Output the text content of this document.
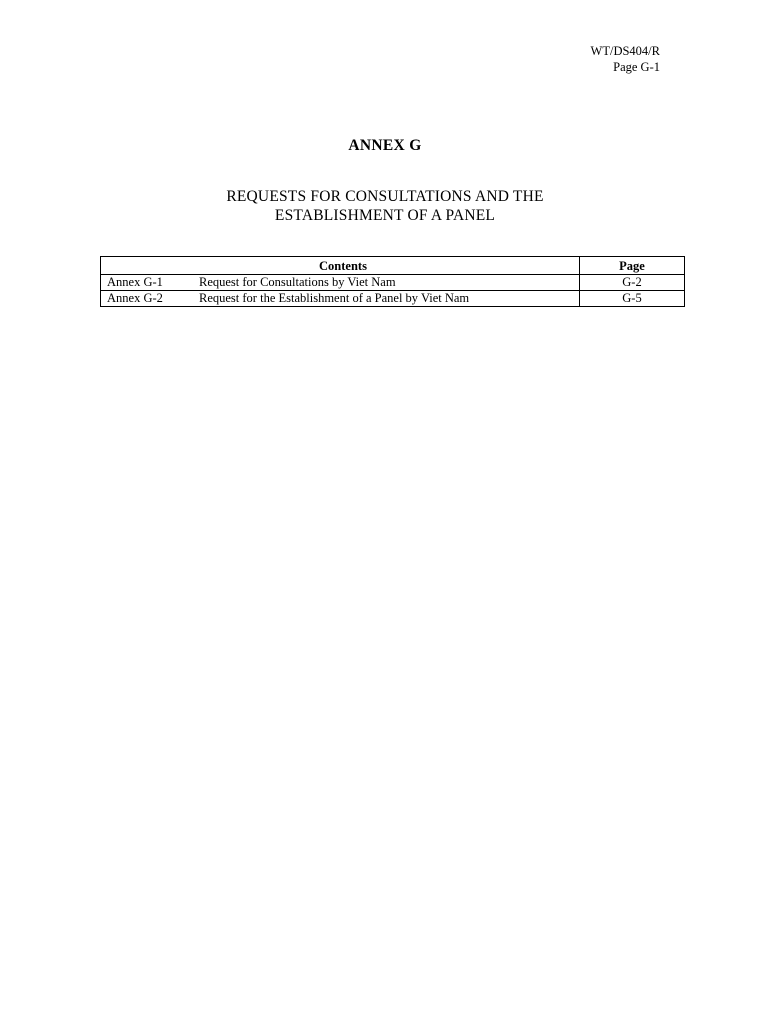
WT/DS404/R
Page G-1
ANNEX G
REQUESTS FOR CONSULTATIONS AND THE
ESTABLISHMENT OF A PANEL
Contents		Page
Annex G-1	Request for Consultations by Viet Nam	G-2
Annex G-2	Request for the Establishment of a Panel by Viet Nam	G-5
